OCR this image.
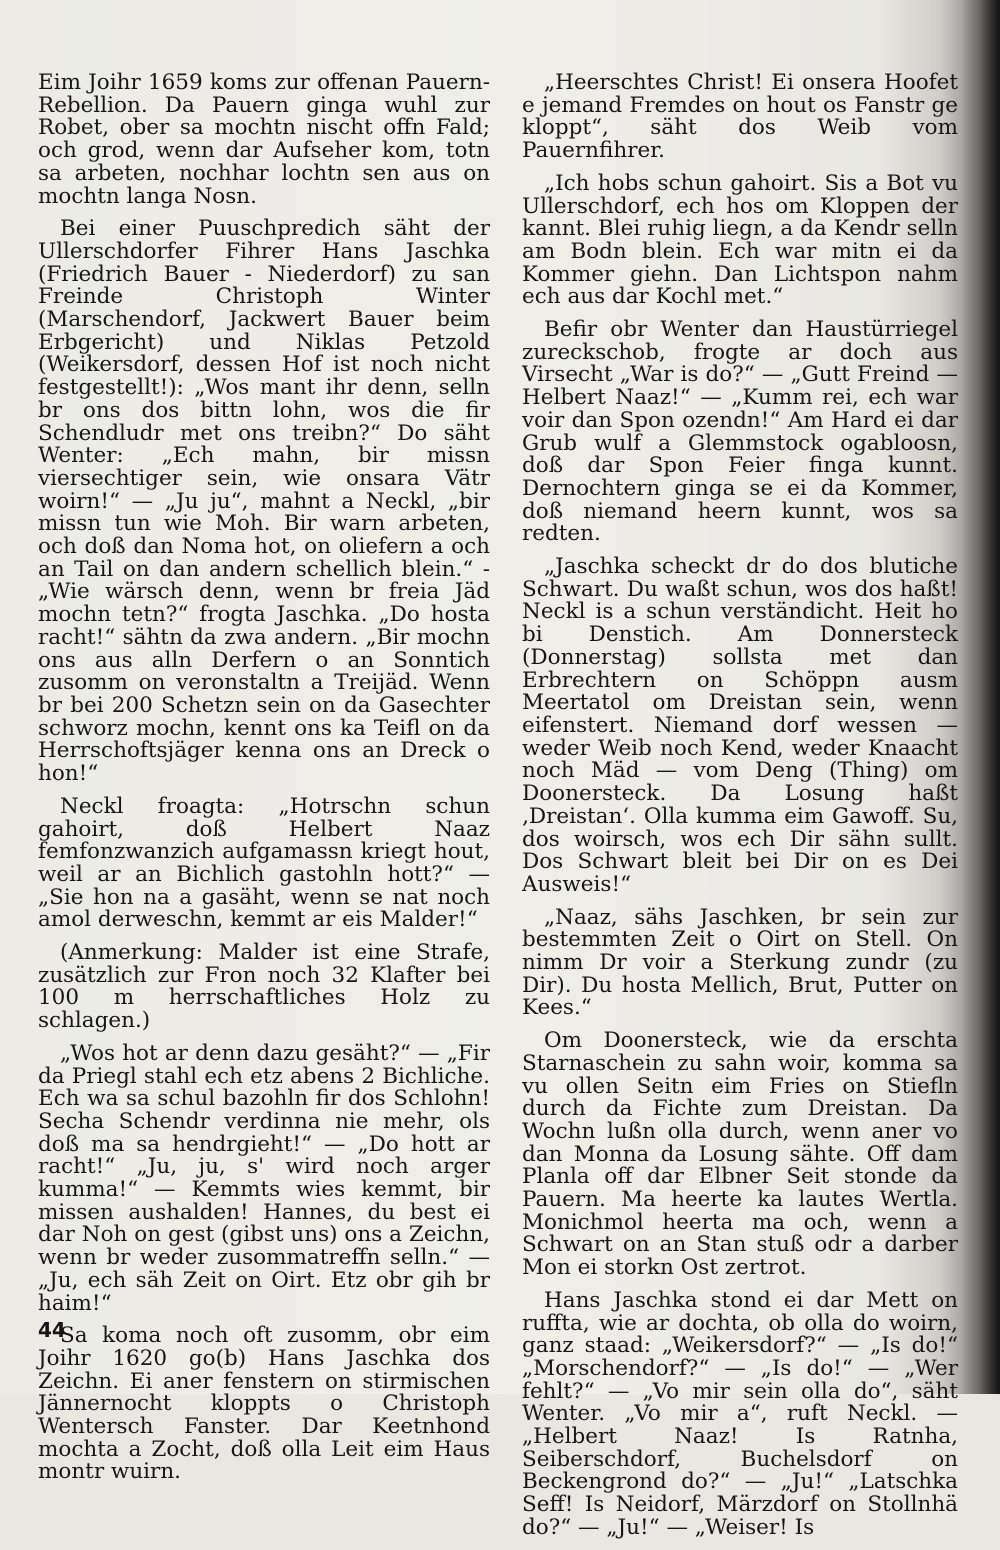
Eim Joihr 1659 koms zur offenan Pauern-Rebellion. Da Pauern ginga wuhl zur Robet, ober sa mochtn nischt offn Fald; och grod, wenn dar Aufseher kom, totn sa arbeten, nochhar lochtn sen aus on mochtn langa Nosn.

Bei einer Puuschpredich säht der Ullerschdorfer Fihrer Hans Jaschka (Friedrich Bauer - Niederdorf) zu san Freinde Christoph Winter (Marschendorf, Jackwert Bauer beim Erbgericht) und Niklas Petzold (Weikersdorf, dessen Hof ist noch nicht festgestellt!): „Wos mant ihr denn, selln br ons dos bittn lohn, wos die fir Schendludr met ons treibn?“ Do säht Wenter: „Ech mahn, bir missn viersechtiger sein, wie onsara Vätr woirn!“ — „Ju ju“, mahnt a Neckl, „bir missn tun wie Moh. Bir warn arbeten, och doß dan Noma hot, on oliefern a och an Tail on dan andern schellich blein.“ - „Wie wärsch denn, wenn br freia Jäd mochn tetn?“ frogta Jaschka. „Do hosta racht!“ sähtn da zwa andern. „Bir mochn ons aus alln Derfern o an Sonntich zusomm on veronstaltn a Treijäd. Wenn br bei 200 Schetzn sein on da Gasechter schworz mochn, kennt ons ka Teifl on da Herrschoftsjäger kenna ons an Dreck o hon!“

Neckl froagta: „Hotrschn schun gahoirt, doß Helbert Naaz femfonzwanzich aufgamassn kriegt hout, weil ar an Bichlich gastohln hott?“ — „Sie hon na a gasäht, wenn se nat noch amol derweschn, kemmt ar eis Malder!“

(Anmerkung: Malder ist eine Strafe, zusätzlich zur Fron noch 32 Klafter bei 100 m herrschaftliches Holz zu schlagen.)

„Wos hot ar denn dazu gesäht?“ — „Fir da Priegl stahl ech etz abens 2 Bichliche. Ech wa sa schul bazohln fir dos Schlohn! Secha Schendr verdinna nie mehr, ols doß ma sa hendrgieht!“ — „Do hott ar racht!“ „Ju, ju, s' wird noch arger kumma!“ — Kemmts wies kemmt, bir missen aushalden! Hannes, du best ei dar Noh on gest (gibst uns) ons a Zeichn, wenn br weder zusommatreffn selln.“ — „Ju, ech säh Zeit on Oirt. Etz obr gih br haim!“

Sa koma noch oft zusomm, obr eim Joihr 1620 go(b) Hans Jaschka dos Zeichn. Ei aner fenstern on stirmischen Jännernocht kloppts o Christoph Wentersch Fanster. Dar Keetnhond mochta a Zocht, doß olla Leit eim Haus montr wuirn.

„Heerschtes Christ! Ei onsera Hoofet e jemand Fremdes on hout os Fanstr ge kloppt“, säht dos Weib vom Pauernfihrer.

„Ich hobs schun gahoirt. Sis a Bot vu Ullerschdorf, ech hos om Kloppen der kannt. Blei ruhig liegn, a da Kendr selln am Bodn blein. Ech war mitn ei da Kommer giehn. Dan Lichtspon nahm ech aus dar Kochl met.“

Befir obr Wenter dan Haustürriegel zureckschob, frogte ar doch aus Virsecht „War is do?“ — „Gutt Freind — Helbert Naaz!“ — „Kumm rei, ech war voir dan Spon ozendn!“ Am Hard ei dar Grub wulf a Glemmstock ogabloosn, doß dar Spon Feier finga kunnt. Dernochtern ginga se ei da Kommer, doß niemand heern kunnt, wos sa redten.

„Jaschka scheckt dr do dos blutiche Schwart. Du waßt schun, wos dos haßt! Neckl is a schun verständicht. Heit ho bi Denstich. Am Donnersteck (Donnerstag) sollsta met dan Erbrechtern on Schöppn ausm Meertatol om Dreistan sein, wenn eifenstert. Niemand dorf wessen — weder Weib noch Kend, weder Knaacht noch Mäd — vom Deng (Thing) om Doonersteck. Da Losung haßt ‚Dreistan‘. Olla kumma eim Gawoff. Su, dos woirsch, wos ech Dir sähn sullt. Dos Schwart bleit bei Dir on es Dei Ausweis!“

„Naaz, sähs Jaschken, br sein zur bestemmten Zeit o Oirt on Stell. On nimm Dr voir a Sterkung zundr (zu Dir). Du hosta Mellich, Brut, Putter on Kees.“

Om Doonersteck, wie da erschta Starnaschein zu sahn woir, komma sa vu ollen Seitn eim Fries on Stiefln durch da Fichte zum Dreistan. Da Wochn lußn olla durch, wenn aner vo dan Monna da Losung sähte. Off dam Planla off dar Elbner Seit stonde da Pauern. Ma heerte ka lautes Wertla. Monichmol heerta ma och, wenn a Schwart on an Stan stuß odr a darber Mon ei storkn Ost zertrot.

Hans Jaschka stond ei dar Mett on ruffta, wie ar dochta, ob olla do woirn, ganz staad: „Weikersdorf?“ — „Is do!“ „Morschendorf?“ — „Is do!“ — „Wer fehlt?“ — „Vo mir sein olla do“, säht Wenter. „Vo mir a“, ruft Neckl. — „Helbert Naaz! Is Ratnha, Seiberschdorf, Buchelsdorf on Beckengrond do?“ — „Ju!“ „Latschka Seff! Is Neidorf, Märzdorf on Stollnhä do?“ — „Ju!“ — „Weiser! Is

44
